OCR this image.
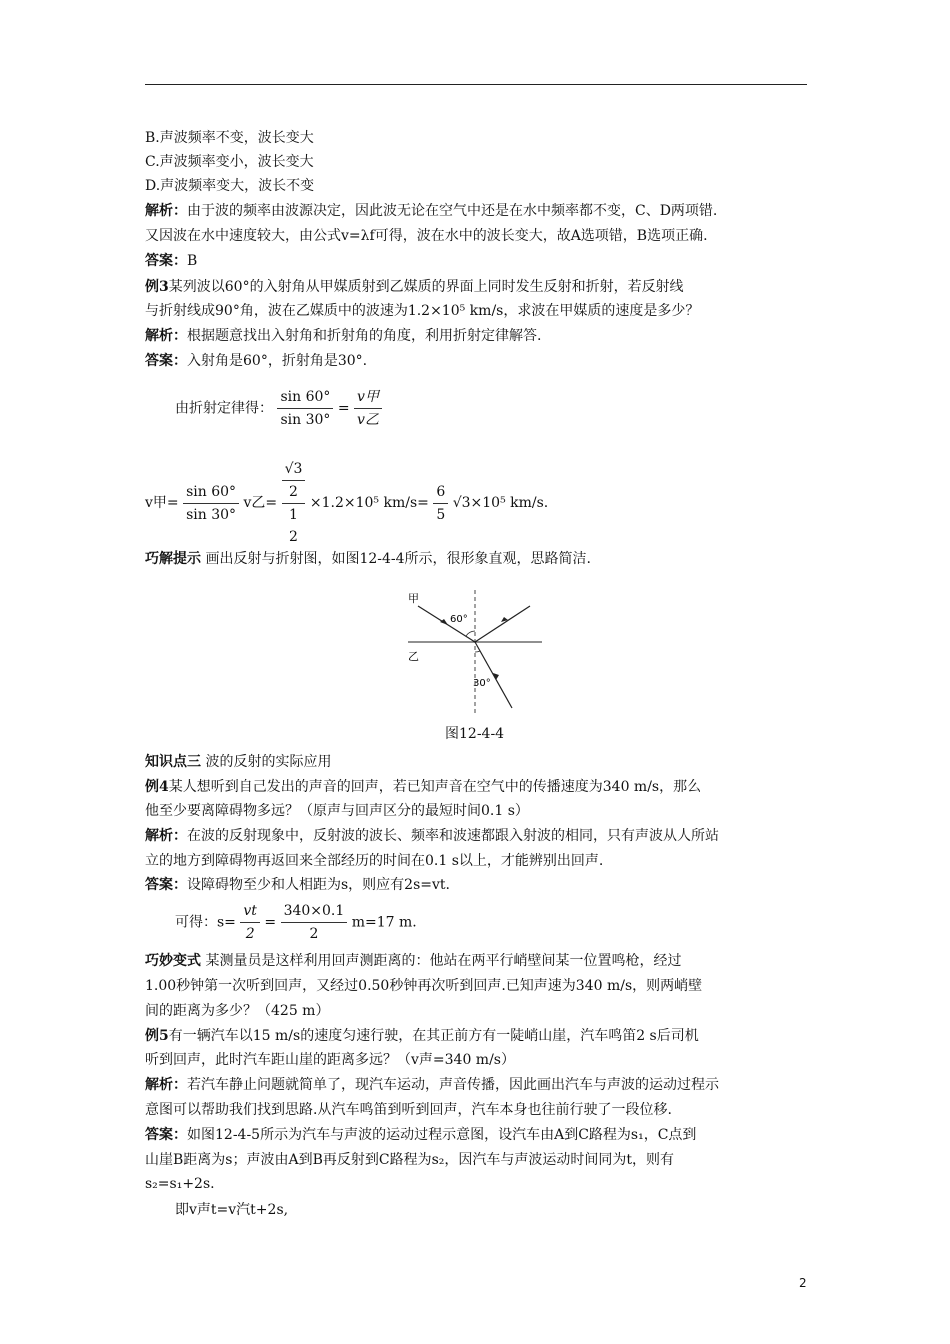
B.声波频率不变，波长变大
C.声波频率变小，波长变大
D.声波频率变大，波长不变
解析：由于波的频率由波源决定，因此波无论在空气中还是在水中频率都不变，C、D两项错.
又因波在水中速度较大，由公式v=λf可得，波在水中的波长变大，故A选项错，B选项正确.
答案：B
例3某列波以60°的入射角从甲媒质射到乙媒质的界面上同时发生反射和折射，若反射线
与折射线成90°角，波在乙媒质中的波速为1.2×10⁵ km/s，求波在甲媒质的速度是多少？
解析：根据题意找出入射角和折射角的角度，利用折射定律解答.
答案：入射角是60°，折射角是30°.
由折射定律得： $\frac{\sin 60^\circ}{\sin 30^\circ} = \frac{\text{v甲}}{\text{v乙}}$
v甲= $\frac{\sin 60^\circ}{\sin 30^\circ}$ v乙=
√3
2
1
2
×1.2×10⁵ $km/s= \frac{6}{5} √3\times 10^5$ km/s.
巧解提示 画出反射与折射图，如图12-4-4所示，很形象直观，思路简洁.
甲
60°
乙
30°
图12-4-4
知识点三 波的反射的实际应用
例4某人想听到自己发出的声音的回声，若已知声音在空气中的传播速度为340 m/s，那么
他至少要离障碍物多远？（原声与回声区分的最短时间0.1 s）
解析：在波的反射现象中，反射波的波长、频率和波速都跟入射波的相同，只有声波从人所站
立的地方到障碍物再返回来全部经历的时间在0.1 s以上，才能辨别出回声.
答案：设障碍物至少和人相距为s，则应有2s=vt.
可得：$s= \frac{vt}{2} = \frac{340\times 0.1}{2} m=17$ m.
巧妙变式 某测量员是这样利用回声测距离的：他站在两平行峭壁间某一位置鸣枪，经过
1.00秒钟第一次听到回声，又经过0.50秒钟再次听到回声.已知声速为340 m/s，则两峭壁
间的距离为多少？（425 m）
例5有一辆汽车以15 m/s的速度匀速行驶，在其正前方有一陡峭山崖，汽车鸣笛2 s后司机
听到回声，此时汽车距山崖的距离多远？（v声=340 m/s）
解析：若汽车静止问题就简单了，现汽车运动，声音传播，因此画出汽车与声波的运动过程示
意图可以帮助我们找到思路.从汽车鸣笛到听到回声，汽车本身也往前行驶了一段位移.
答案：如图12-4-5所示为汽车与声波的运动过程示意图，设汽车由A到C路程为s₁，C点到
山崖B距离为s；声波由A到B再反射到C路程为s₂，因汽车与声波运动时间同为t，则有
s₂=s₁+2s.
即v声t=v汽t+2s,
2
